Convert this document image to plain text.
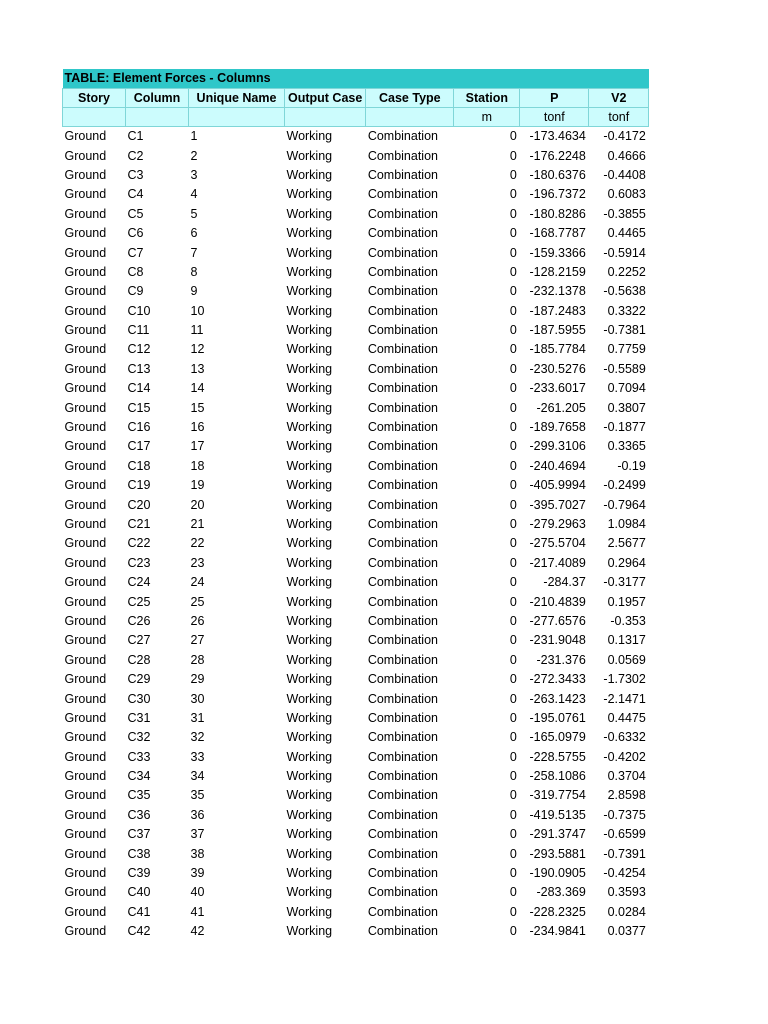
TABLE: Element Forces - Columns							
Story	Column	Unique Name	Output Case	Case Type	Station	P	V2
					m	tonf	tonf
Ground	C1	1	Working	Combination	0	-173.4634	-0.4172
Ground	C2	2	Working	Combination	0	-176.2248	0.4666
Ground	C3	3	Working	Combination	0	-180.6376	-0.4408
Ground	C4	4	Working	Combination	0	-196.7372	0.6083
Ground	C5	5	Working	Combination	0	-180.8286	-0.3855
Ground	C6	6	Working	Combination	0	-168.7787	0.4465
Ground	C7	7	Working	Combination	0	-159.3366	-0.5914
Ground	C8	8	Working	Combination	0	-128.2159	0.2252
Ground	C9	9	Working	Combination	0	-232.1378	-0.5638
Ground	C10	10	Working	Combination	0	-187.2483	0.3322
Ground	C11	11	Working	Combination	0	-187.5955	-0.7381
Ground	C12	12	Working	Combination	0	-185.7784	0.7759
Ground	C13	13	Working	Combination	0	-230.5276	-0.5589
Ground	C14	14	Working	Combination	0	-233.6017	0.7094
Ground	C15	15	Working	Combination	0	-261.205	0.3807
Ground	C16	16	Working	Combination	0	-189.7658	-0.1877
Ground	C17	17	Working	Combination	0	-299.3106	0.3365
Ground	C18	18	Working	Combination	0	-240.4694	-0.19
Ground	C19	19	Working	Combination	0	-405.9994	-0.2499
Ground	C20	20	Working	Combination	0	-395.7027	-0.7964
Ground	C21	21	Working	Combination	0	-279.2963	1.0984
Ground	C22	22	Working	Combination	0	-275.5704	2.5677
Ground	C23	23	Working	Combination	0	-217.4089	0.2964
Ground	C24	24	Working	Combination	0	-284.37	-0.3177
Ground	C25	25	Working	Combination	0	-210.4839	0.1957
Ground	C26	26	Working	Combination	0	-277.6576	-0.353
Ground	C27	27	Working	Combination	0	-231.9048	0.1317
Ground	C28	28	Working	Combination	0	-231.376	0.0569
Ground	C29	29	Working	Combination	0	-272.3433	-1.7302
Ground	C30	30	Working	Combination	0	-263.1423	-2.1471
Ground	C31	31	Working	Combination	0	-195.0761	0.4475
Ground	C32	32	Working	Combination	0	-165.0979	-0.6332
Ground	C33	33	Working	Combination	0	-228.5755	-0.4202
Ground	C34	34	Working	Combination	0	-258.1086	0.3704
Ground	C35	35	Working	Combination	0	-319.7754	2.8598
Ground	C36	36	Working	Combination	0	-419.5135	-0.7375
Ground	C37	37	Working	Combination	0	-291.3747	-0.6599
Ground	C38	38	Working	Combination	0	-293.5881	-0.7391
Ground	C39	39	Working	Combination	0	-190.0905	-0.4254
Ground	C40	40	Working	Combination	0	-283.369	0.3593
Ground	C41	41	Working	Combination	0	-228.2325	0.0284
Ground	C42	42	Working	Combination	0	-234.9841	0.0377
